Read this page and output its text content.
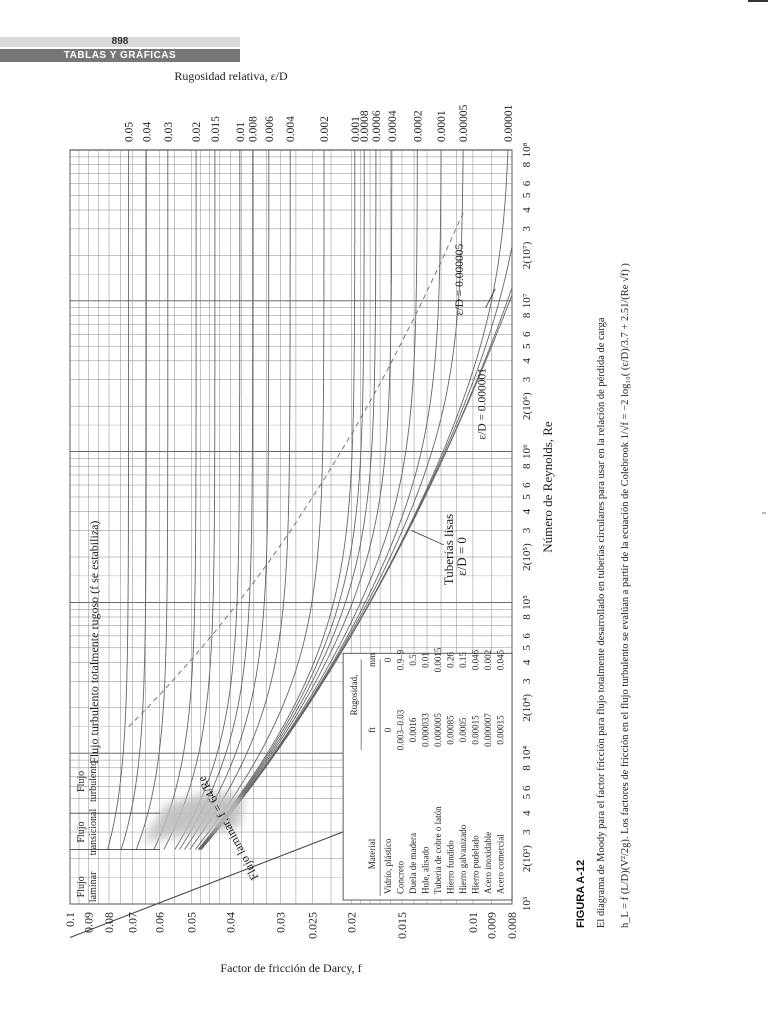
898
TABLAS Y GRÁFICAS
0.008
0.009
0.01
0.015
0.02
0.025
0.03
0.04
0.05
0.06
0.07
0.08
0.09
0.1
10³
2(10³)
3
4
5 6
8
10⁴
2(10⁴)
3
4
5
6
8
10⁵
2(10⁵)
3
4
5
6
8
10⁶
2(10⁶)
3
4
5
6
8
10⁷
2(10⁷)
3
4
5
6
8
10⁸
Factor de fricción de Darcy, f
Número de Reynolds, Re
Rugosidad relativa, ε/D
Flujo laminar, f = 64/Re
0.05 0.04 0.03 0.02 0.015 0.01 0.008 0.006 0.004 0.002 0.001
0.0008 0.0006 0.0004 0.0002 0.0001 0.00005	0.00001
Flujo laminar
Flujo transicional
Flujo turbulento
Flujo turbulento totalmente rugoso (f se estabiliza)	Tuberías lisas
ε/D = 0
ε/D = 0.000001
ε/D = 0.000005
Rugosidad,
Material
ft
mm
Vidrio, plástico
0
0
Concreto
0.003–0.03
0.9–9
Duela de madera
0.0016
0.5
Hule, alisado
0.000033
0.01
Tubería de cobre o latón
0.000005
0.0015
Hierro fundido
0.00085
0.26
Hierro galvanizado
0.0005
0.15
Hierro pudelado
0.00015
0.046
Acero inoxidable
0.000007
0.002
Acero comercial
0.00015
0.045
FIGURA A-12 El diagrama de Moody para el factor fricción para flujo totalmente desarrollado en tuberías circulares para usar en la relación de pérdida de carga h_L = f (L/D)(V²/2g). Los factores de fricción en el flujo turbulento se evalúan a partir de la ecuación de Colebrook 1/√f = −2 log₁₀( (ε/D)/3.7 + 2.51/(Re √f) )
